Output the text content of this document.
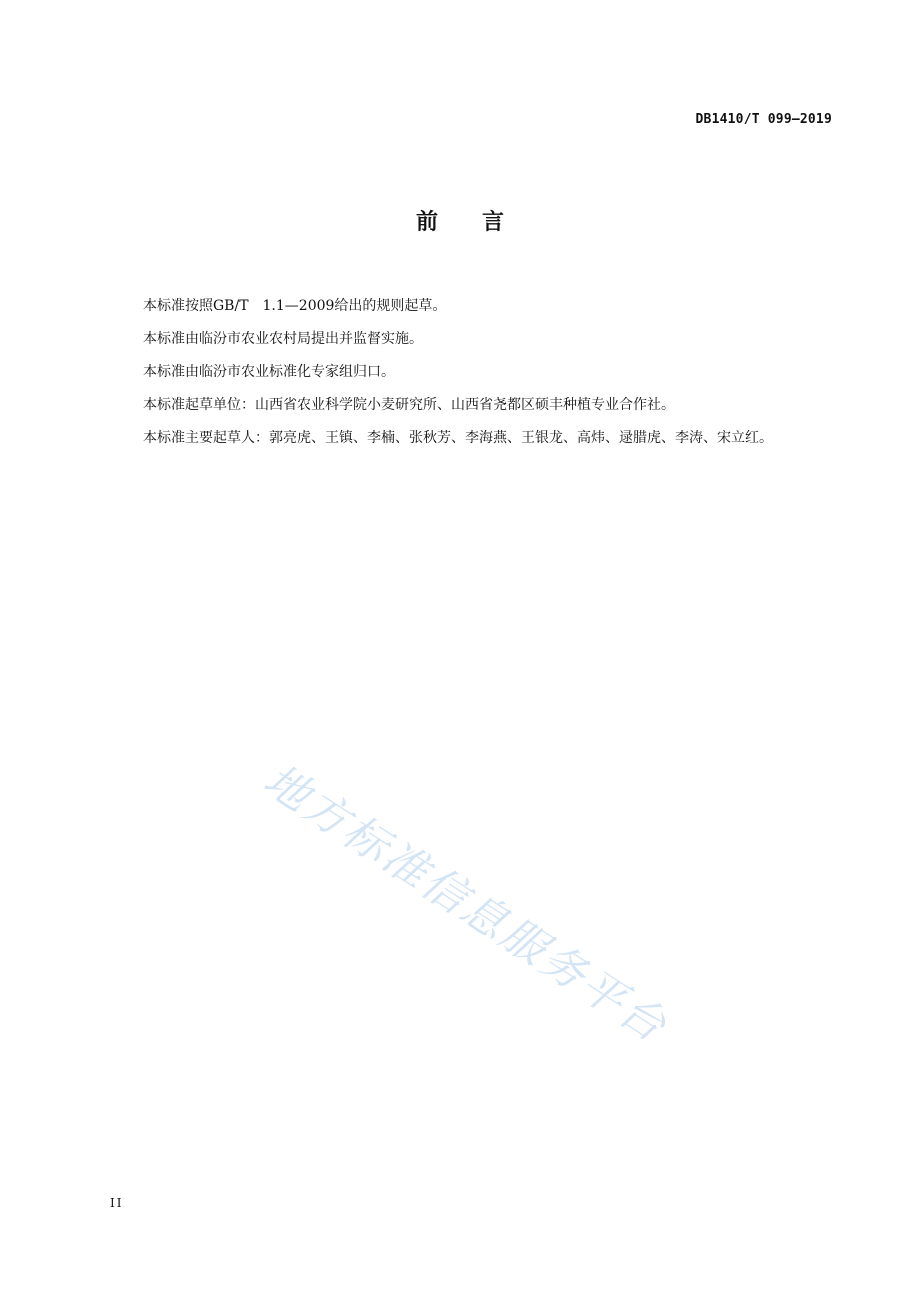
DB1410/T 099—2019
前言

本标准按照GB/T　1.1—2009给出的规则起草。

本标准由临汾市农业农村局提出并监督实施。

本标准由临汾市农业标准化专家组归口。

本标准起草单位：山西省农业科学院小麦研究所、山西省尧都区硕丰种植专业合作社。

本标准主要起草人：郭亮虎、王镇、李楠、张秋芳、李海燕、王银龙、高炜、逯腊虎、李涛、宋立红。

地方标准信息服务平台
II
